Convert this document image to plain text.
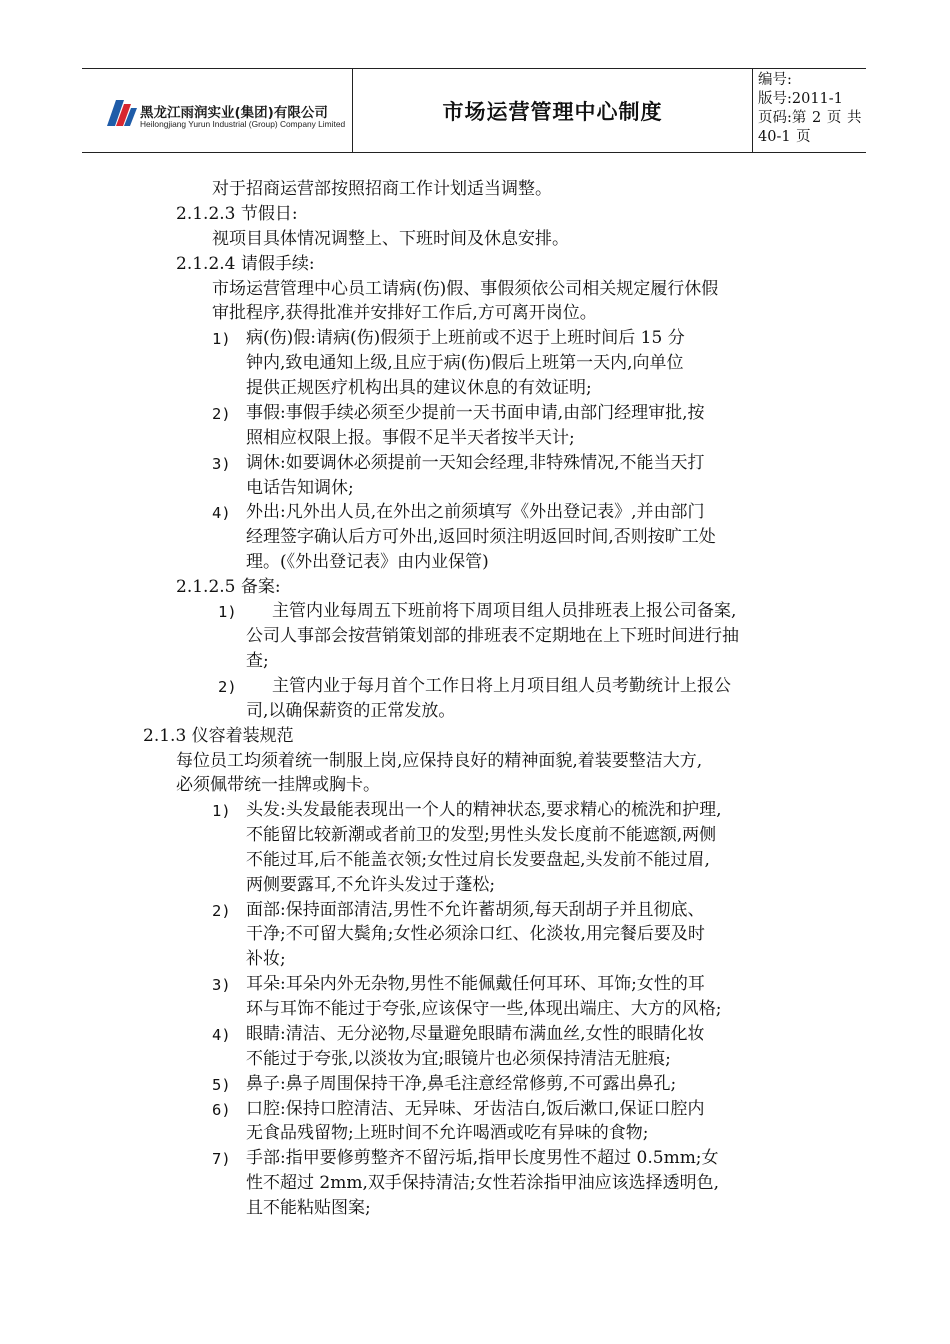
市场运营管理中心制度
编号:
版号:2011-1
页码:第 2 页 共 40-1 页
黑龙江雨润实业(集团)有限公司
Heilongjiang Yurun Industrial (Group) Company Limited
对于招商运营部按照招商工作计划适当调整。
2.1.2.3 节假日:
视项目具体情况调整上、下班时间及休息安排。
2.1.2.4 请假手续:
市场运营管理中心员工请病(伤)假、事假须依公司相关规定履行休假
审批程序,获得批准并安排好工作后,方可离开岗位。
1) 病(伤)假:请病(伤)假须于上班前或不迟于上班时间后 15 分
钟内,致电通知上级,且应于病(伤)假后上班第一天内,向单位
提供正规医疗机构出具的建议休息的有效证明;
2) 事假:事假手续必须至少提前一天书面申请,由部门经理审批,按
照相应权限上报。事假不足半天者按半天计;
3) 调休:如要调休必须提前一天知会经理,非特殊情况,不能当天打
电话告知调休;
4) 外出:凡外出人员,在外出之前须填写《外出登记表》,并由部门
经理签字确认后方可外出,返回时须注明返回时间,否则按旷工处
理。(《外出登记表》由内业保管)
2.1.2.5 备案:
1) 主管内业每周五下班前将下周项目组人员排班表上报公司备案,
公司人事部会按营销策划部的排班表不定期地在上下班时间进行抽
查;
2) 主管内业于每月首个工作日将上月项目组人员考勤统计上报公
司,以确保薪资的正常发放。
2.1.3 仪容着装规范
每位员工均须着统一制服上岗,应保持良好的精神面貌,着装要整洁大方,
必须佩带统一挂牌或胸卡。
1) 头发:头发最能表现出一个人的精神状态,要求精心的梳洗和护理,
不能留比较新潮或者前卫的发型;男性头发长度前不能遮额,两侧
不能过耳,后不能盖衣领;女性过肩长发要盘起,头发前不能过眉,
两侧要露耳,不允许头发过于蓬松;
2) 面部:保持面部清洁,男性不允许蓄胡须,每天刮胡子并且彻底、
干净;不可留大鬓角;女性必须涂口红、化淡妆,用完餐后要及时
补妆;
3) 耳朵:耳朵内外无杂物,男性不能佩戴任何耳环、耳饰;女性的耳
环与耳饰不能过于夸张,应该保守一些,体现出端庄、大方的风格;
4) 眼睛:清洁、无分泌物,尽量避免眼睛布满血丝,女性的眼睛化妆
不能过于夸张,以淡妆为宜;眼镜片也必须保持清洁无脏痕;
5) 鼻子:鼻子周围保持干净,鼻毛注意经常修剪,不可露出鼻孔;
6) 口腔:保持口腔清洁、无异味、牙齿洁白,饭后漱口,保证口腔内
无食品残留物;上班时间不允许喝酒或吃有异味的食物;
7) 手部:指甲要修剪整齐不留污垢,指甲长度男性不超过 0.5mm;女
性不超过 2mm,双手保持清洁;女性若涂指甲油应该选择透明色,
且不能粘贴图案;
